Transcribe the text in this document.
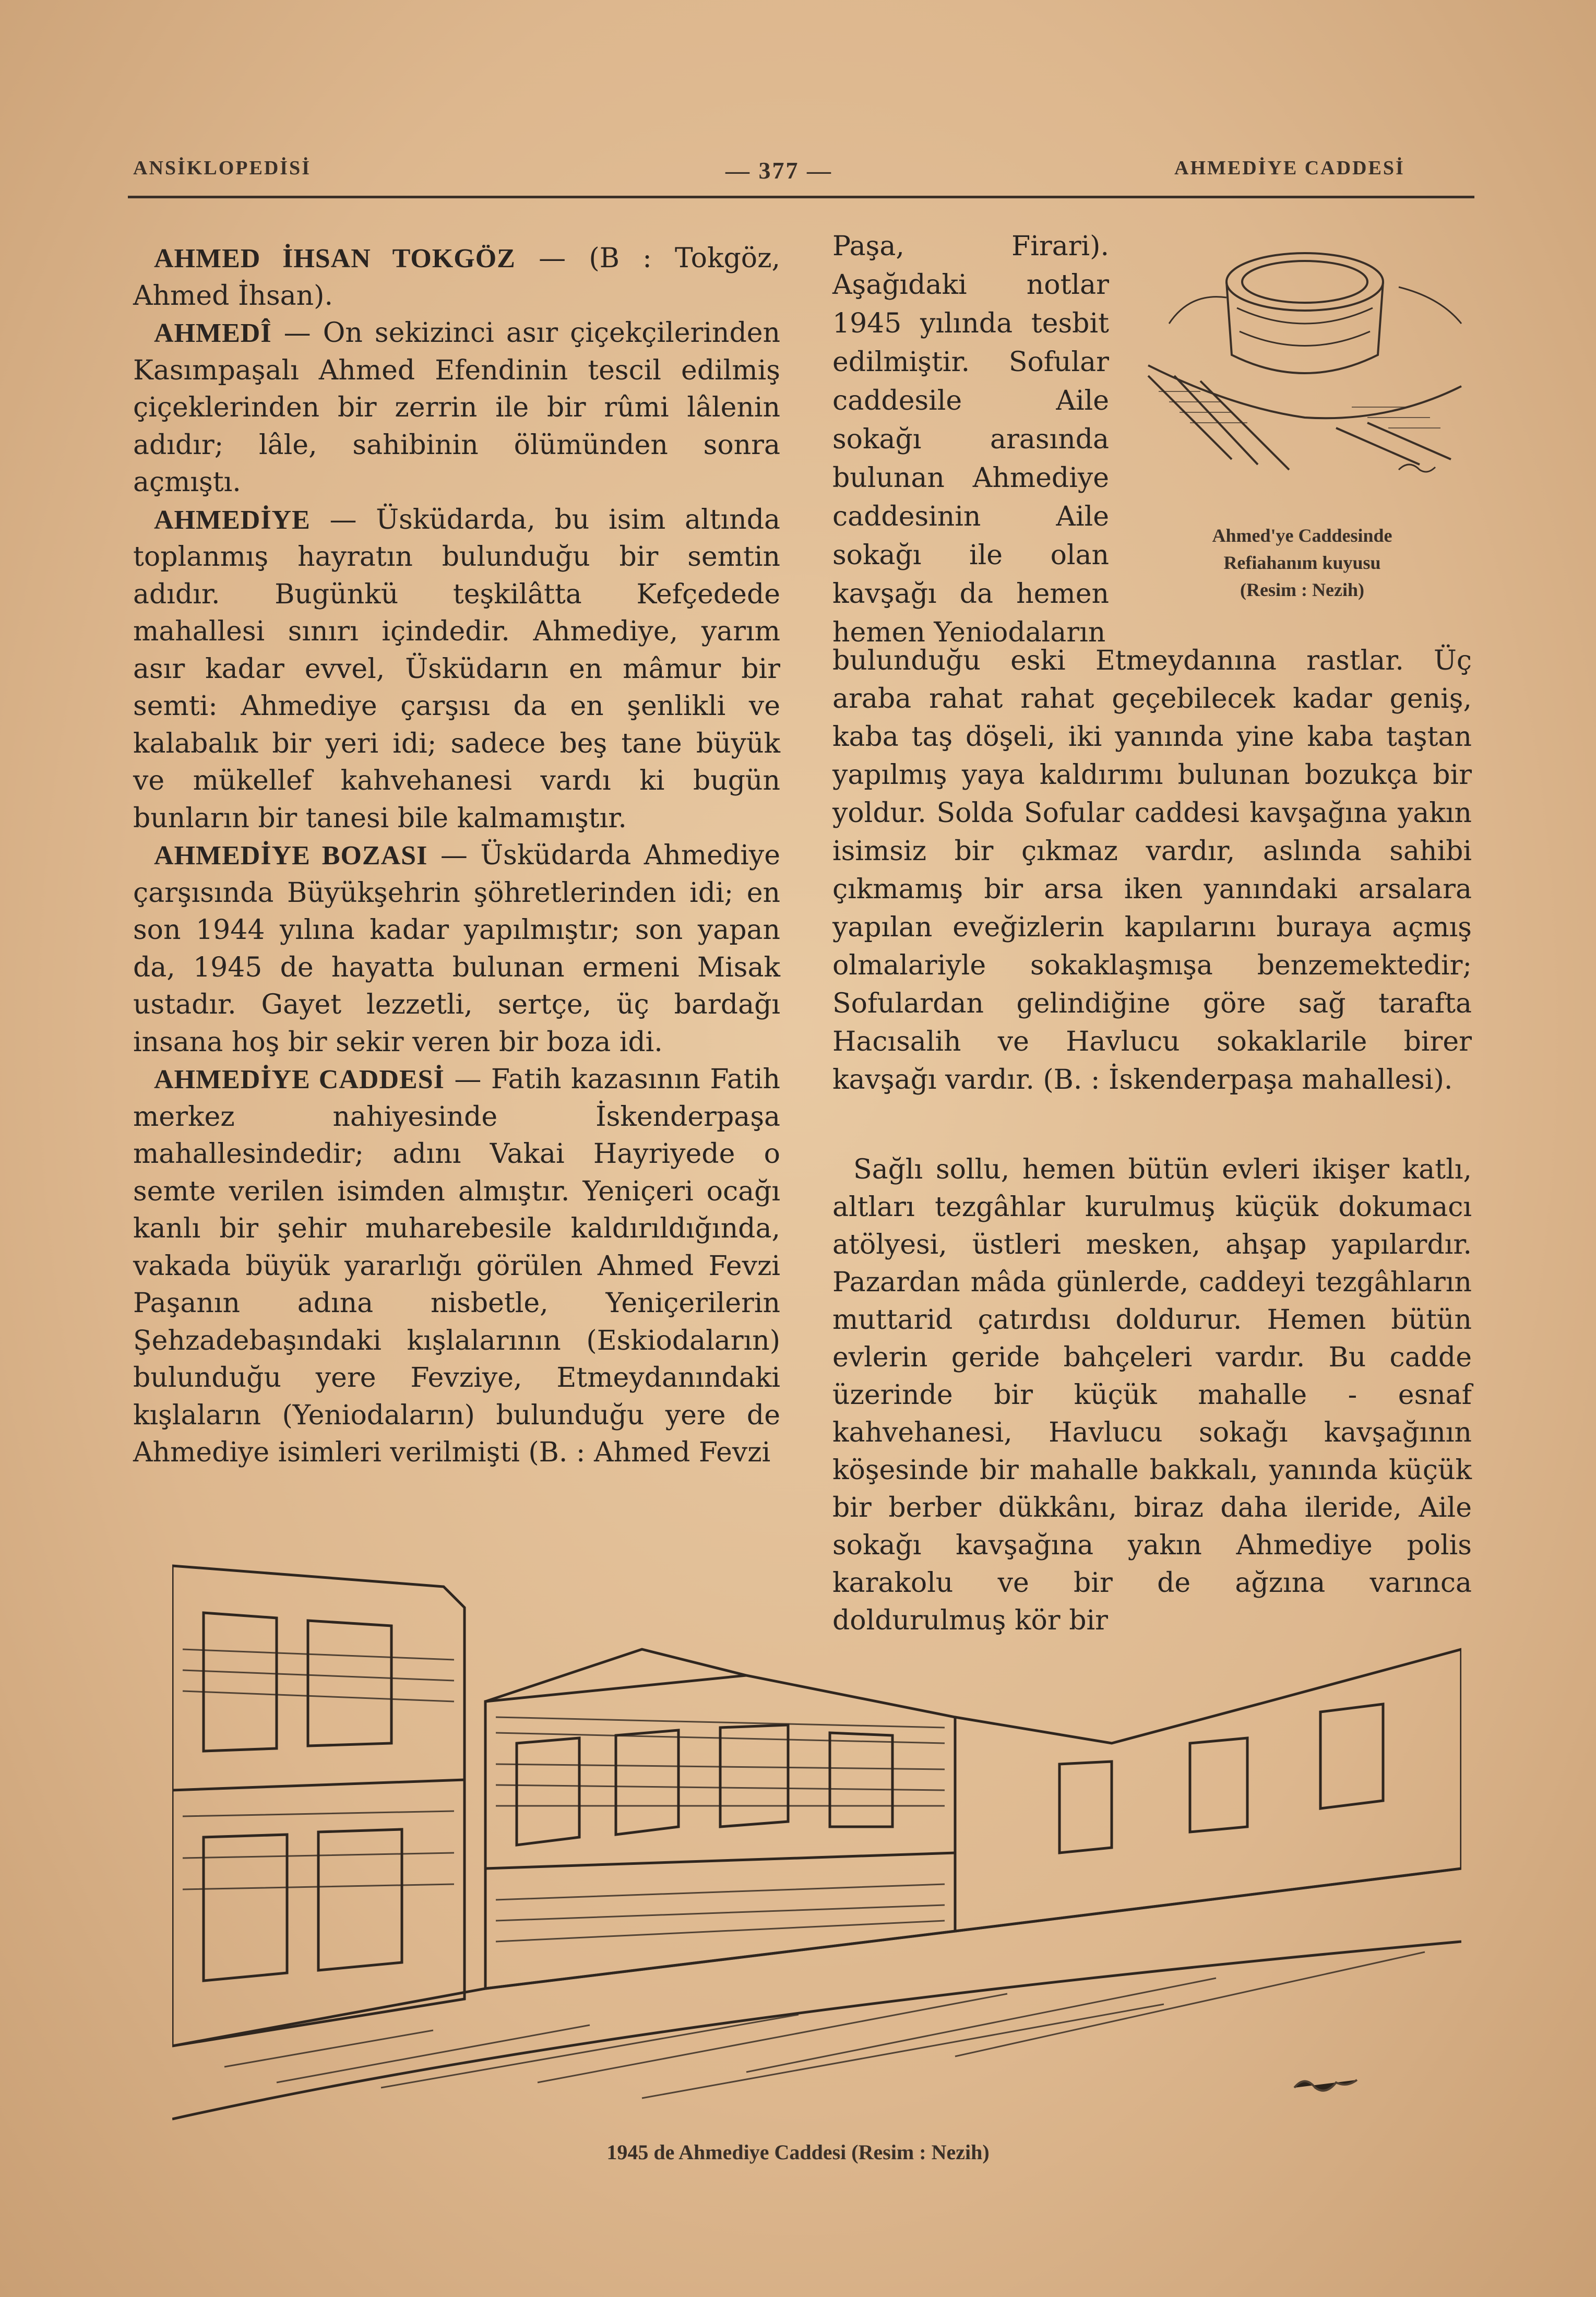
ANSİKLOPEDİSİ	— 377 —	AHMEDİYE CADDESİ

AHMED İHSAN TOKGÖZ — (B : Tokgöz, Ahmed İhsan).

AHMEDÎ — On sekizinci asır çiçekçilerinden Kasımpaşalı Ahmed Efendinin tescil edilmiş çiçeklerinden bir zerrin ile bir rûmi lâlenin adıdır; lâle, sahibinin ölümünden sonra açmıştı.

AHMEDİYE — Üsküdarda, bu isim altında toplanmış hayratın bulunduğu bir semtin adıdır. Bugünkü teşkilâtta Kefçedede mahallesi sınırı içindedir. Ahmediye, yarım asır kadar evvel, Üsküdarın en mâmur bir semti: Ahmediye çarşısı da en şenlikli ve kalabalık bir yeri idi; sadece beş tane büyük ve mükellef kahvehanesi vardı ki bugün bunların bir tanesi bile kalmamıştır.

AHMEDİYE BOZASI — Üsküdarda Ahmediye çarşısında Büyükşehrin şöhretlerinden idi; en son 1944 yılına kadar yapılmıştır; son yapan da, 1945 de hayatta bulunan ermeni Misak ustadır. Gayet lezzetli, sertçe, üç bardağı insana hoş bir sekir veren bir boza idi.

AHMEDİYE CADDESİ — Fatih kazasının Fatih merkez nahiyesinde İskenderpaşa mahallesindedir; adını Vakai Hayriyede o semte verilen isimden almıştır. Yeniçeri ocağı kanlı bir şehir muharebesile kaldırıldığında, vakada büyük yararlığı görülen Ahmed Fevzi Paşanın adına nisbetle, Yeniçerilerin Şehzadebaşındaki kışlalarının (Eskiodaların) bulunduğu yere Fevziye, Etmeydanındaki kışlaların (Yeniodaların) bulunduğu yere de Ahmediye isimleri verilmişti (B. : Ahmed Fevzi

Paşa, Firari). Aşağıdaki notlar 1945 yılında tesbit edilmiştir. Sofular caddesile Aile sokağı arasında bulunan Ahmediye caddesinin Aile sokağı ile olan kavşağı da hemen hemen Yeniodaların

Ahmed'ye Caddesinde
Refiahanım kuyusu
(Resim : Nezih)

bulunduğu eski Etmeydanına rastlar. Üç araba rahat rahat geçebilecek kadar geniş, kaba taş döşeli, iki yanında yine kaba taştan yapılmış yaya kaldırımı bulunan bozukça bir yoldur. Solda Sofular caddesi kavşağına yakın isimsiz bir çıkmaz vardır, aslında sahibi çıkmamış bir arsa iken yanındaki arsalara yapılan eveğizlerin kapılarını buraya açmış olmalariyle sokaklaşmışa benzemektedir; Sofulardan gelindiğine göre sağ tarafta Hacısalih ve Havlucu sokaklarile birer kavşağı vardır. (B. : İskenderpaşa mahallesi).

Sağlı sollu, hemen bütün evleri ikişer katlı, altları tezgâhlar kurulmuş küçük dokumacı atölyesi, üstleri mesken, ahşap yapılardır. Pazardan mâda günlerde, caddeyi tezgâhların muttarid çatırdısı doldurur. Hemen bütün evlerin geride bahçeleri vardır. Bu cadde üzerinde bir küçük mahalle - esnaf kahvehanesi, Havlucu sokağı kavşağının köşesinde bir mahalle bakkalı, yanında küçük bir berber dükkânı, biraz daha ileride, Aile sokağı kavşağına yakın Ahmediye polis karakolu ve bir de ağzına varınca doldurulmuş kör bir

1945 de Ahmediye Caddesi (Resim : Nezih)
